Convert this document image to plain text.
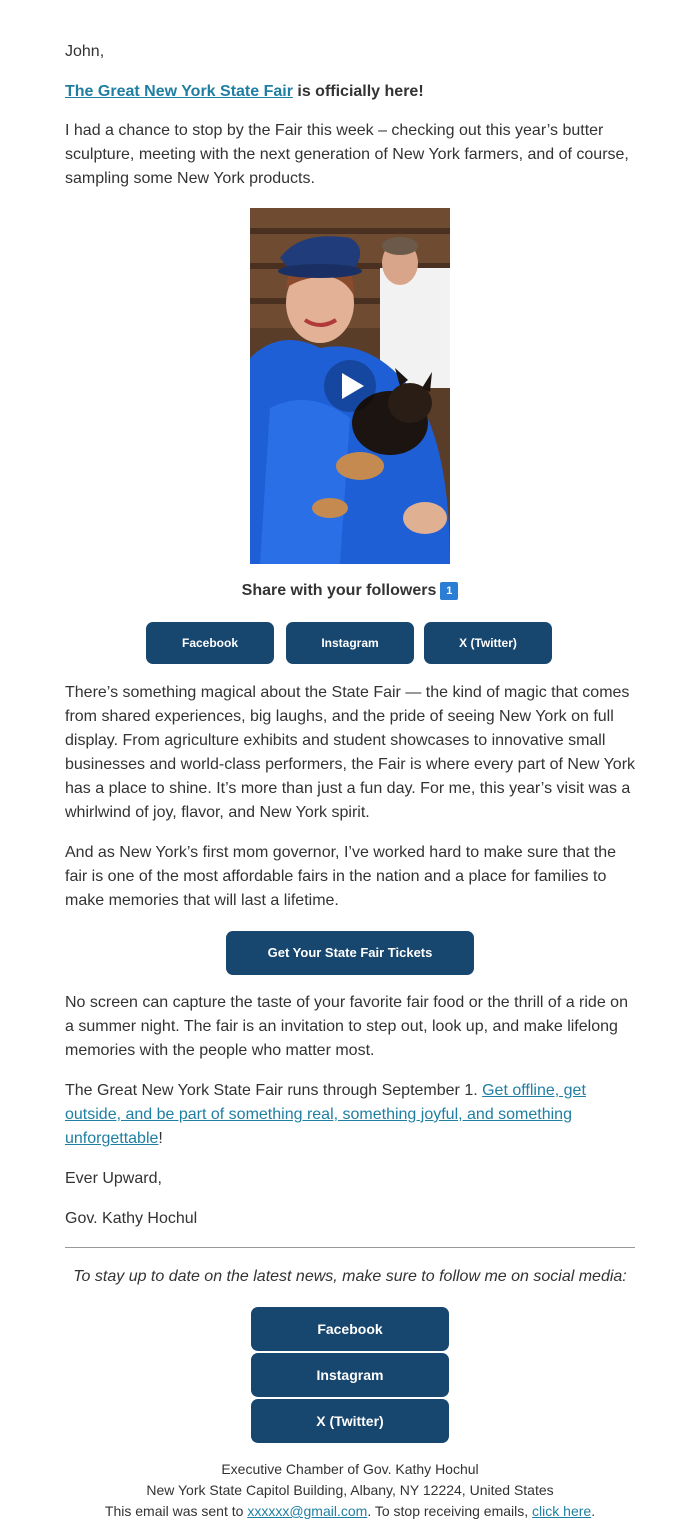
John,

The Great New York State Fair is officially here!

I had a chance to stop by the Fair this week – checking out this year’s butter sculpture, meeting with the next generation of New York farmers, and of course, sampling some New York products.

Share with your followers 1
Facebook	Instagram	X (Twitter)

There’s something magical about the State Fair — the kind of magic that comes from shared experiences, big laughs, and the pride of seeing New York on full display. From agriculture exhibits and student showcases to innovative small businesses and world-class performers, the Fair is where every part of New York has a place to shine. It’s more than just a fun day. For me, this year’s visit was a whirlwind of joy, flavor, and New York spirit.

And as New York’s first mom governor, I’ve worked hard to make sure that the fair is one of the most affordable fairs in the nation and a place for families to make memories that will last a lifetime.

Get Your State Fair Tickets

No screen can capture the taste of your favorite fair food or the thrill of a ride on a summer night. The fair is an invitation to step out, look up, and make lifelong memories with the people who matter most.

The Great New York State Fair runs through September 1. Get offline, get outside, and be part of something real, something joyful, and something unforgettable!

Ever Upward,

Gov. Kathy Hochul

To stay up to date on the latest news, make sure to follow me on social media:

Facebook
Instagram
X (Twitter)

Executive Chamber of Gov. Kathy Hochul

New York State Capitol Building, Albany, NY 12224, United States

This email was sent to xxxxxx@gmail.com. To stop receiving emails, click here.
